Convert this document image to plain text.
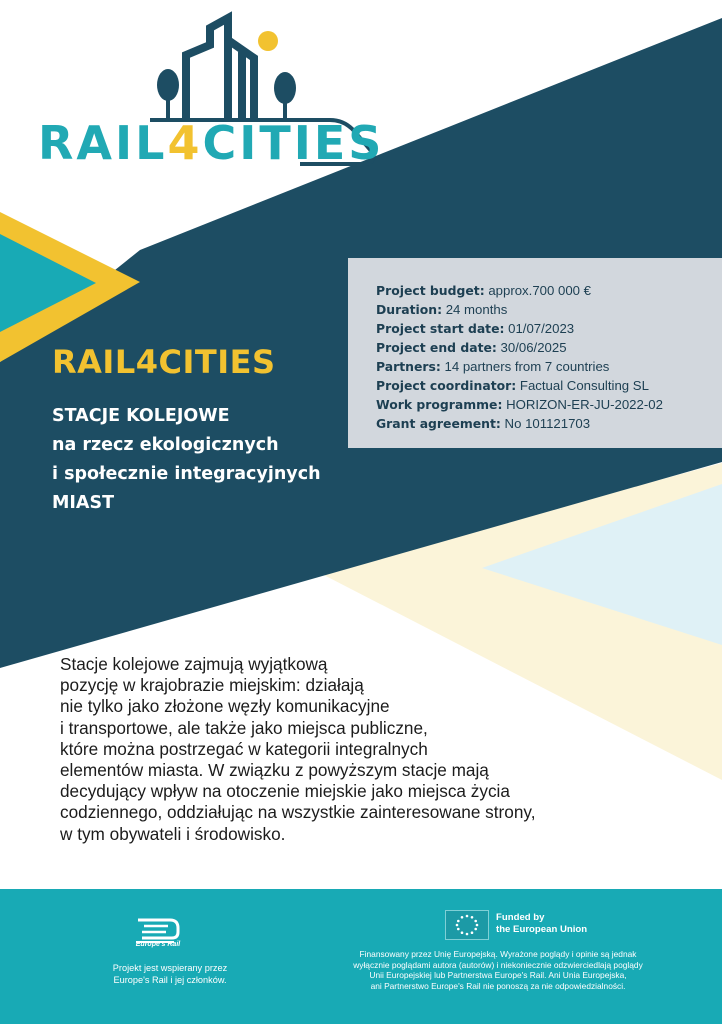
RAIL4CITIES
Project budget: approx.700 000 €
Duration: 24 months
Project start date: 01/07/2023
Project end date: 30/06/2025
Partners: 14 partners from 7 countries
Project coordinator: Factual Consulting SL
Work programme: HORIZON-ER-JU-2022-02
Grant agreement: No 101121703
RAIL4CITIES
STACJE KOLEJOWE
na rzecz ekologicznych
i społecznie integracyjnych
MIAST
Stacje kolejowe zajmują wyjątkową
pozycję w krajobrazie miejskim: działają
nie tylko jako złożone węzły komunikacyjne
i transportowe, ale także jako miejsca publiczne,
które można postrzegać w kategorii integralnych
elementów miasta. W związku z powyższym stacje mają
decydujący wpływ na otoczenie miejskie jako miejsca życia
codziennego, oddziałując na wszystkie zainteresowane strony,
w tym obywateli i środowisko.
Europe's Rail
Projekt jest wspierany przez
Europe's Rail i jej członków.
Funded by
the European Union
Finansowany przez Unię Europejską. Wyrażone poglądy i opinie są jednak
wyłącznie poglądami autora (autorów) i niekoniecznie odzwierciedlają poglądy
Unii Europejskiej lub Partnerstwa Europe's Rail. Ani Unia Europejska,
ani Partnerstwo Europe's Rail nie ponoszą za nie odpowiedzialności.
